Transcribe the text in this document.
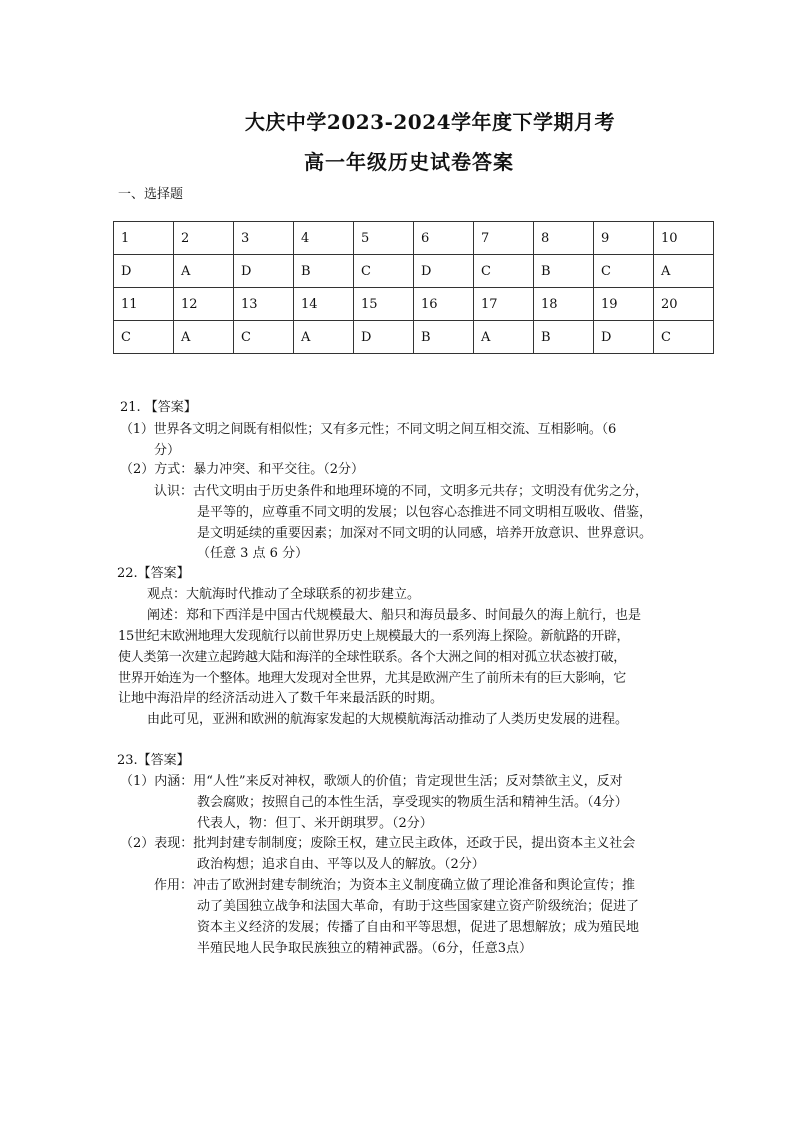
大庆中学2023-2024学年度下学期月考
高一年级历史试卷答案
一、选择题
1	2	3	4	5	6	7	8	9	10
D	A	D	B	C	D	C	B	C	A
11	12	13	14	15	16	17	18	19	20
C	A	C	A	D	B	A	B	D	C
21. 【答案】
（1）世界各文明之间既有相似性；又有多元性；不同文明之间互相交流、互相影响。（6
分）
（2）方式：暴力冲突、和平交往。（2分）
认识：古代文明由于历史条件和地理环境的不同，文明多元共存；文明没有优劣之分，
是平等的，应尊重不同文明的发展；以包容心态推进不同文明相互吸收、借鉴，
是文明延续的重要因素；加深对不同文明的认同感，培养开放意识、世界意识。
（任意 3 点 6 分）
22.【答案】
观点：大航海时代推动了全球联系的初步建立。
阐述：郑和下西洋是中国古代规模最大、船只和海员最多、时间最久的海上航行，也是
15世纪末欧洲地理大发现航行以前世界历史上规模最大的一系列海上探险。新航路的开辟，
使人类第一次建立起跨越大陆和海洋的全球性联系。各个大洲之间的相对孤立状态被打破，
世界开始连为一个整体。地理大发现对全世界，尤其是欧洲产生了前所未有的巨大影响，它
让地中海沿岸的经济活动进入了数千年来最活跃的时期。
由此可见，亚洲和欧洲的航海家发起的大规模航海活动推动了人类历史发展的进程。
23.【答案】
（1）内涵：用“人性”来反对神权，歌颂人的价值；肯定现世生活；反对禁欲主义，反对
教会腐败；按照自己的本性生活，享受现实的物质生活和精神生活。（4分）
代表人，物：但丁、米开朗琪罗。（2分）
（2）表现：批判封建专制制度；废除王权，建立民主政体，还政于民，提出资本主义社会
政治构想；追求自由、平等以及人的解放。（2分）
作用：冲击了欧洲封建专制统治；为资本主义制度确立做了理论准备和舆论宣传；推
动了美国独立战争和法国大革命，有助于这些国家建立资产阶级统治；促进了
资本主义经济的发展；传播了自由和平等思想，促进了思想解放；成为殖民地
半殖民地人民争取民族独立的精神武器。（6分，任意3点）
